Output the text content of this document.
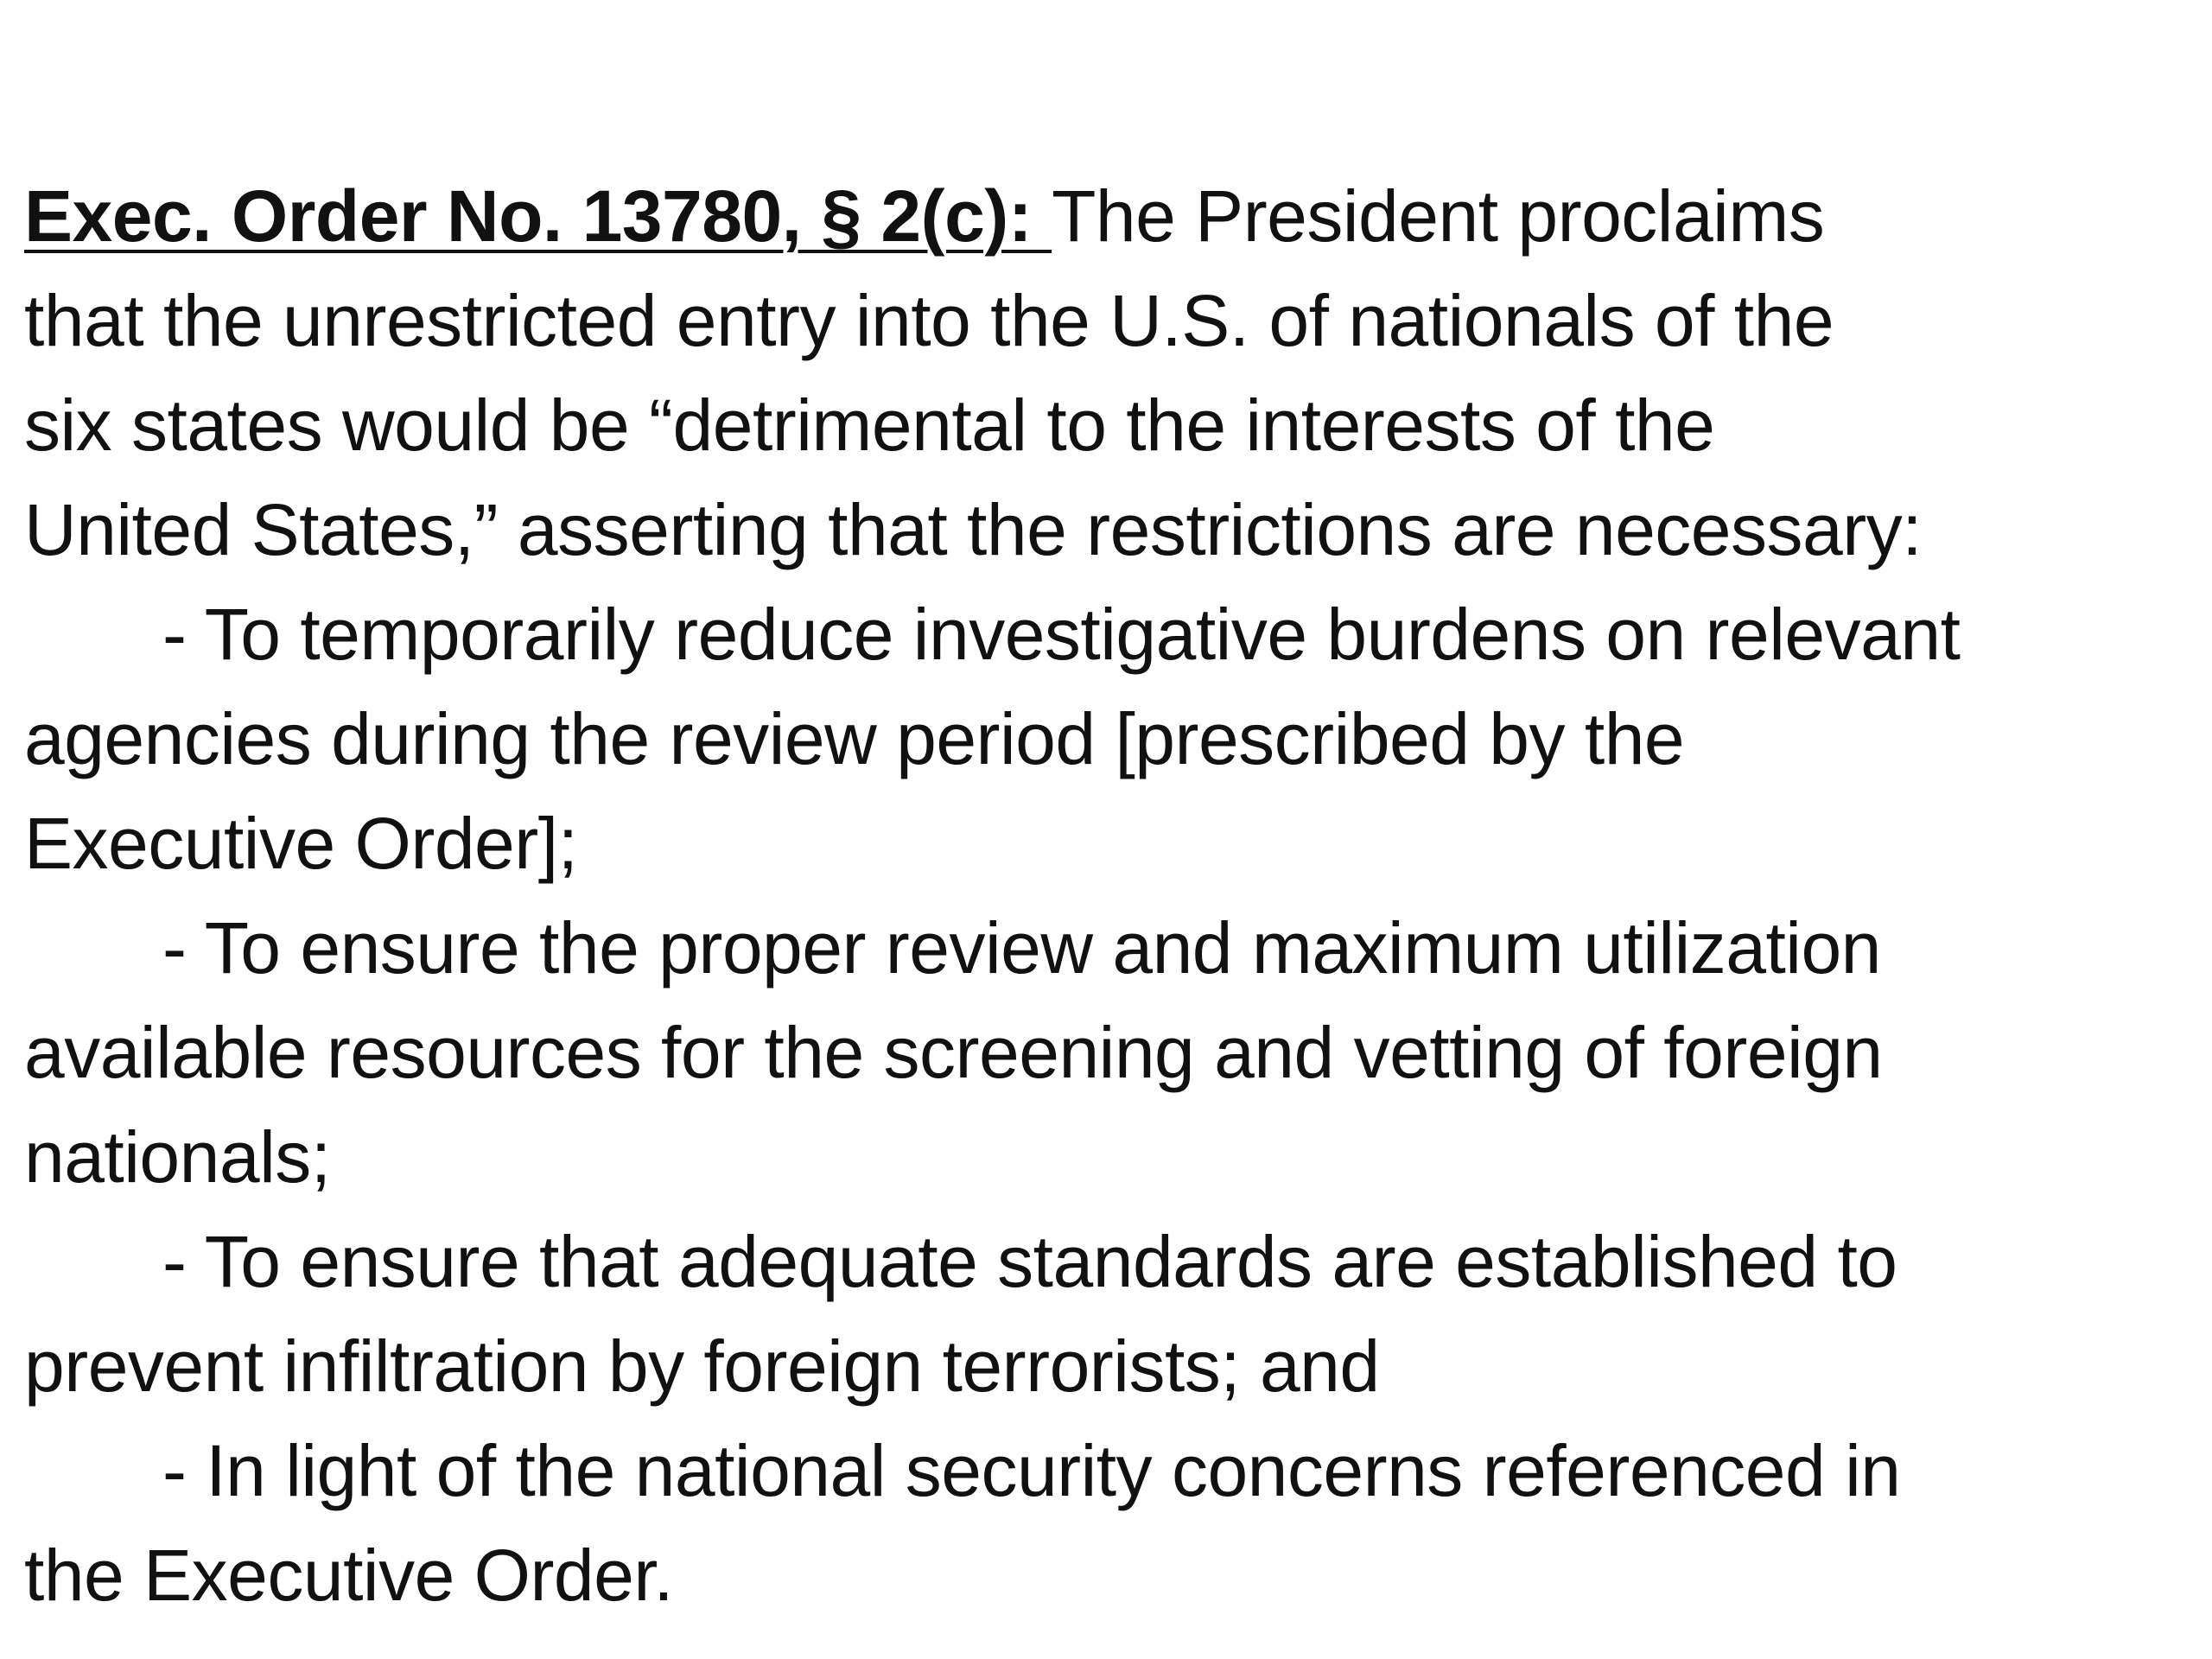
Exec. Order No. 13780, § 2(c): The President proclaims
that the unrestricted entry into the U.S. of nationals of the
six states would be “detrimental to the interests of the
United States,” asserting that the restrictions are necessary:
- To temporarily reduce investigative burdens on relevant
agencies during the review period [prescribed by the
Executive Order];
- To ensure the proper review and maximum utilization
available resources for the screening and vetting of foreign
nationals;
- To ensure that adequate standards are established to
prevent infiltration by foreign terrorists; and
- In light of the national security concerns referenced in
the Executive Order.
